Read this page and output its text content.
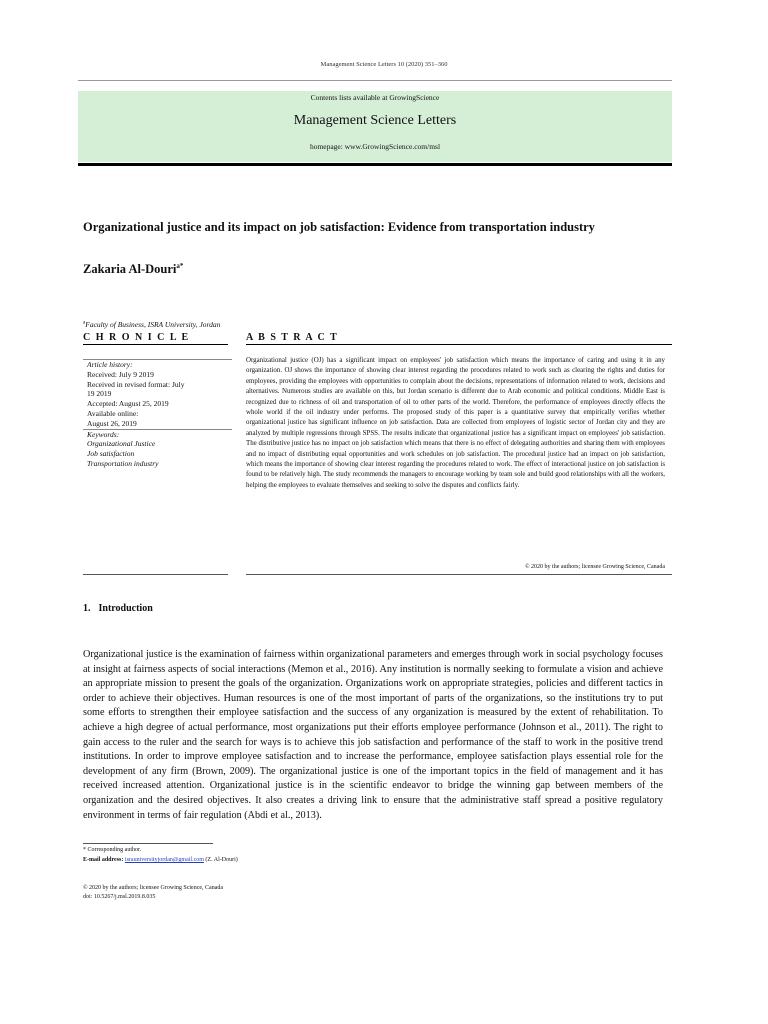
Management Science Letters 10 (2020) 351–360
Contents lists available at GrowingScience
Management Science Letters
homepage: www.GrowingScience.com/msl
Organizational justice and its impact on job satisfaction: Evidence from transportation industry
Zakaria Al-Douri$^{a*}$
$^a$Faculty of Business, ISRA University, Jordan
C H R O N I C L E	A B S T R A C T
Article history:
Received: July 9 2019
Received in revised format: July
19 2019
Accepted: August 25, 2019
Available online:
August 26, 2019
Keywords:
Organizational Justice
Job satisfaction
Transportation industry
Organizational justice (OJ) has a significant impact on employees' job satisfaction which means the importance of caring and using it in any organization. OJ shows the importance of showing clear interest regarding the procedures related to work such as clearing the rights and duties for employees, providing the employees with opportunities to complain about the decisions, representations of information related to work, decisions and alternatives. Numerous studies are available on this, but Jordan scenario is different due to Arab economic and political conditions. Middle East is recognized due to richness of oil and transportation of oil to other parts of the world. Therefore, the performance of employees directly effects the whole world if the oil industry under performs. The proposed study of this paper is a quantitative survey that empirically verifies whether organizational justice has significant influence on job satisfaction. Data are collected from employees of logistic sector of Jordan city and they are analyzed by multiple regressions through SPSS. The results indicate that organizational justice has a significant impact on employees' job satisfaction. The distributive justice has no impact on job satisfaction which means that there is no effect of delegating authorities and sharing them with employees and no impact of distributing equal opportunities and work schedules on job satisfaction. The procedural justice had an impact on job satisfaction, which means the importance of showing clear interest regarding the procedures related to work. The effect of interactional justice on job satisfaction is found to be relatively high. The study recommends the managers to encourage working by team sole and build good relationships with all the workers, helping the employees to evaluate themselves and seeking to solve the disputes and conflicts fairly.
© 2020 by the authors; licensee Growing Science, Canada
1. Introduction
Organizational justice is the examination of fairness within organizational parameters and emerges through work in social psychology focuses at insight at fairness aspects of social interactions (Memon et al., 2016). Any institution is normally seeking to formulate a vision and achieve an appropriate mission to present the goals of the organization. Organizations work on appropriate strategies, policies and different tactics in order to achieve their objectives. Human resources is one of the most important of parts of the organizations, so the institutions try to put some efforts to strengthen their employee satisfaction and the success of any organization is measured by the extent of rehabilitation. To achieve a high degree of actual performance, most organizations put their efforts employee performance (Johnson et al., 2011). The right to gain access to the ruler and the search for ways is to achieve this job satisfaction and performance of the staff to work in the positive trend institutions. In order to improve employee satisfaction and to increase the performance, employee satisfaction plays essential role for the development of any firm (Brown, 2009). The organizational justice is one of the important topics in the field of management and it has received increased attention. Organizational justice is in the scientific endeavor to bridge the winning gap between members of the organization and the desired objectives. It also creates a driving link to ensure that the administrative staff spread a positive regulatory environment in terms of fair regulation (Abdi et al., 2013).
* Corresponding author.
E-mail address: israuniversityjordan@gmail.com (Z. Al-Douri)
© 2020 by the authors; licensee Growing Science, Canada
doi: 10.5267/j.msl.2019.8.035
